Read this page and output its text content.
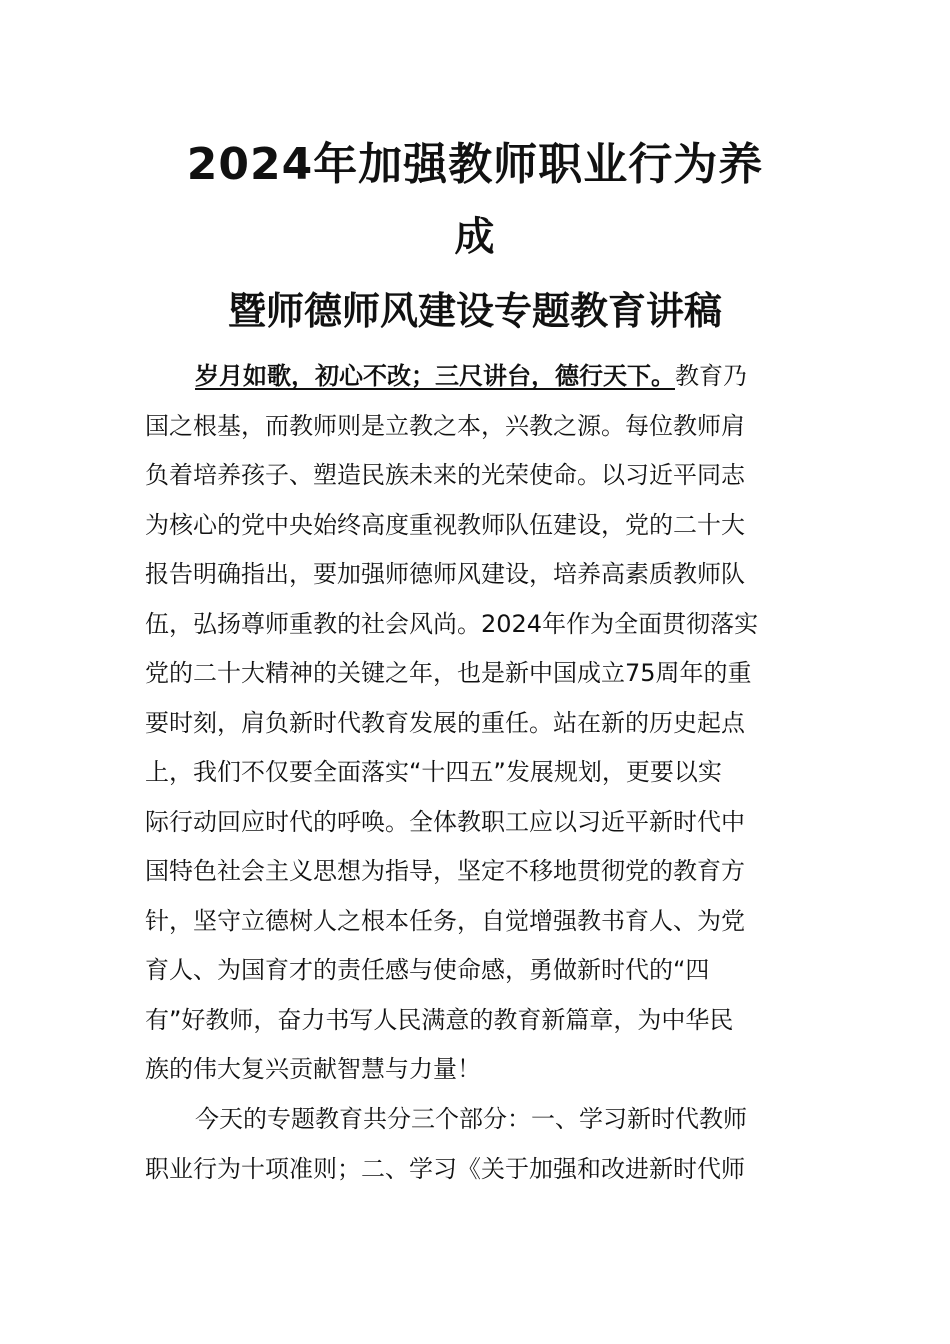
2024年加强教师职业行为养
成
暨师德师风建设专题教育讲稿
岁月如歌，初心不改；三尺讲台，德行天下。教育乃
国之根基，而教师则是立教之本，兴教之源。每位教师肩
负着培养孩子、塑造民族未来的光荣使命。以习近平同志
为核心的党中央始终高度重视教师队伍建设，党的二十大
报告明确指出，要加强师德师风建设，培养高素质教师队
伍，弘扬尊师重教的社会风尚。2024年作为全面贯彻落实
党的二十大精神的关键之年，也是新中国成立75周年的重
要时刻，肩负新时代教育发展的重任。站在新的历史起点
上，我们不仅要全面落实“十四五”发展规划，更要以实
际行动回应时代的呼唤。全体教职工应以习近平新时代中
国特色社会主义思想为指导，坚定不移地贯彻党的教育方
针，坚守立德树人之根本任务，自觉增强教书育人、为党
育人、为国育才的责任感与使命感，勇做新时代的“四
有”好教师，奋力书写人民满意的教育新篇章，为中华民
族的伟大复兴贡献智慧与力量！
今天的专题教育共分三个部分：一、学习新时代教师
职业行为十项准则；二、学习《关于加强和改进新时代师
